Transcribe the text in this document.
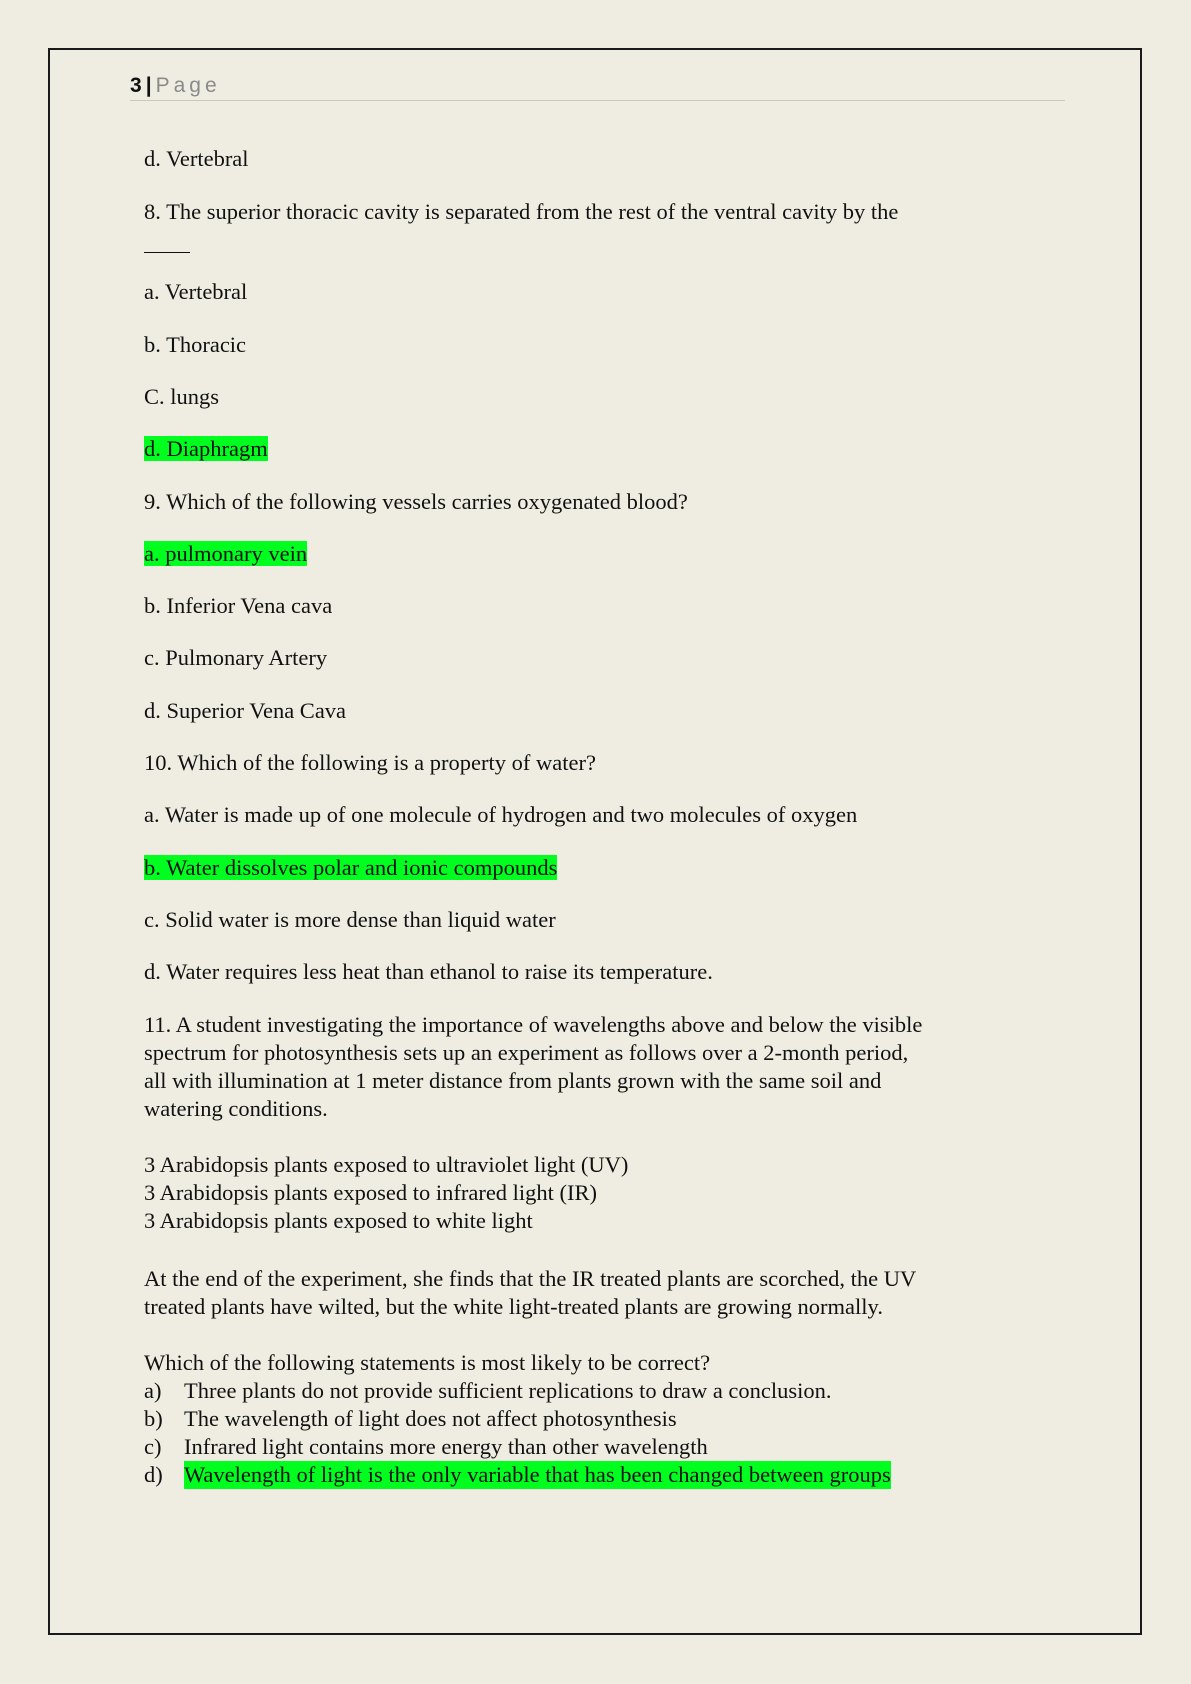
3 | Page
d. Vertebral
8. The superior thoracic cavity is separated from the rest of the ventral cavity by the
a. Vertebral
b. Thoracic
C. lungs
d. Diaphragm
9. Which of the following vessels carries oxygenated blood?
a. pulmonary vein
b. Inferior Vena cava
c. Pulmonary Artery
d. Superior Vena Cava
10. Which of the following is a property of water?
a. Water is made up of one molecule of hydrogen and two molecules of oxygen
b. Water dissolves polar and ionic compounds
c. Solid water is more dense than liquid water
d. Water requires less heat than ethanol to raise its temperature.
11. A student investigating the importance of wavelengths above and below the visible
spectrum for photosynthesis sets up an experiment as follows over a 2-month period,
all with illumination at 1 meter distance from plants grown with the same soil and
watering conditions.
3 Arabidopsis plants exposed to ultraviolet light (UV)
3 Arabidopsis plants exposed to infrared light (IR)
3 Arabidopsis plants exposed to white light
At the end of the experiment, she finds that the IR treated plants are scorched, the UV
treated plants have wilted, but the white light-treated plants are growing normally.
Which of the following statements is most likely to be correct?
a)	Three plants do not provide sufficient replications to draw a conclusion.
b) The wavelength of light does not affect photosynthesis
c)	Infrared light contains more energy than other wavelength
d) Wavelength of light is the only variable that has been changed between groups
